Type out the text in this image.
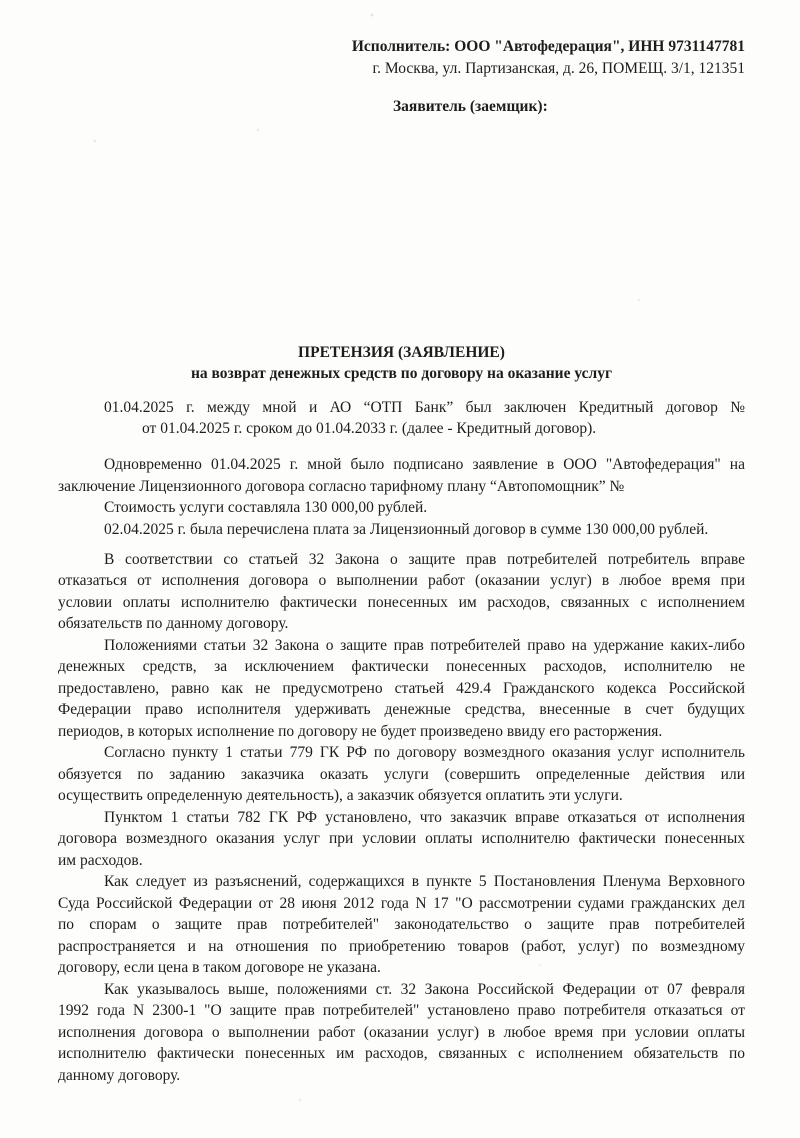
Исполнитель: ООО "Автофедерация", ИНН 9731147781
г. Москва, ул. Партизанская, д. 26, ПОМЕЩ. 3/1, 121351
Заявитель (заемщик):
ПРЕТЕНЗИЯ (ЗАЯВЛЕНИЕ)
на возврат денежных средств по договору на оказание услуг
01.04.2025 г. между мной и АО “ОТП Банк” был заключен Кредитный договор №
от 01.04.2025 г. сроком до 01.04.2033 г. (далее - Кредитный договор).
Одновременно 01.04.2025 г. мной было подписано заявление в ООО "Автофедерация" на
заключение Лицензионного договора согласно тарифному плану “Автопомощник” №
Стоимость услуги составляла 130 000,00 рублей.
02.04.2025 г. была перечислена плата за Лицензионный договор в сумме 130 000,00 рублей.
В соответствии со статьей 32 Закона о защите прав потребителей потребитель вправе
отказаться от исполнения договора о выполнении работ (оказании услуг) в любое время при
условии оплаты исполнителю фактически понесенных им расходов, связанных с исполнением
обязательств по данному договору.
Положениями статьи 32 Закона о защите прав потребителей право на удержание каких-либо
денежных средств, за исключением фактически понесенных расходов, исполнителю не
предоставлено, равно как не предусмотрено статьей 429.4 Гражданского кодекса Российской
Федерации право исполнителя удерживать денежные средства, внесенные в счет будущих
периодов, в которых исполнение по договору не будет произведено ввиду его расторжения.
Согласно пункту 1 статьи 779 ГК РФ по договору возмездного оказания услуг исполнитель
обязуется по заданию заказчика оказать услуги (совершить определенные действия или
осуществить определенную деятельность), а заказчик обязуется оплатить эти услуги.
Пунктом 1 статьи 782 ГК РФ установлено, что заказчик вправе отказаться от исполнения
договора возмездного оказания услуг при условии оплаты исполнителю фактически понесенных
им расходов.
Как следует из разъяснений, содержащихся в пункте 5 Постановления Пленума Верховного
Суда Российской Федерации от 28 июня 2012 года N 17 "О рассмотрении судами гражданских дел
по спорам о защите прав потребителей" законодательство о защите прав потребителей
распространяется и на отношения по приобретению товаров (работ, услуг) по возмездному
договору, если цена в таком договоре не указана.
Как указывалось выше, положениями ст. 32 Закона Российской Федерации от 07 февраля
1992 года N 2300-1 "О защите прав потребителей" установлено право потребителя отказаться от
исполнения договора о выполнении работ (оказании услуг) в любое время при условии оплаты
исполнителю фактически понесенных им расходов, связанных с исполнением обязательств по
данному договору.
